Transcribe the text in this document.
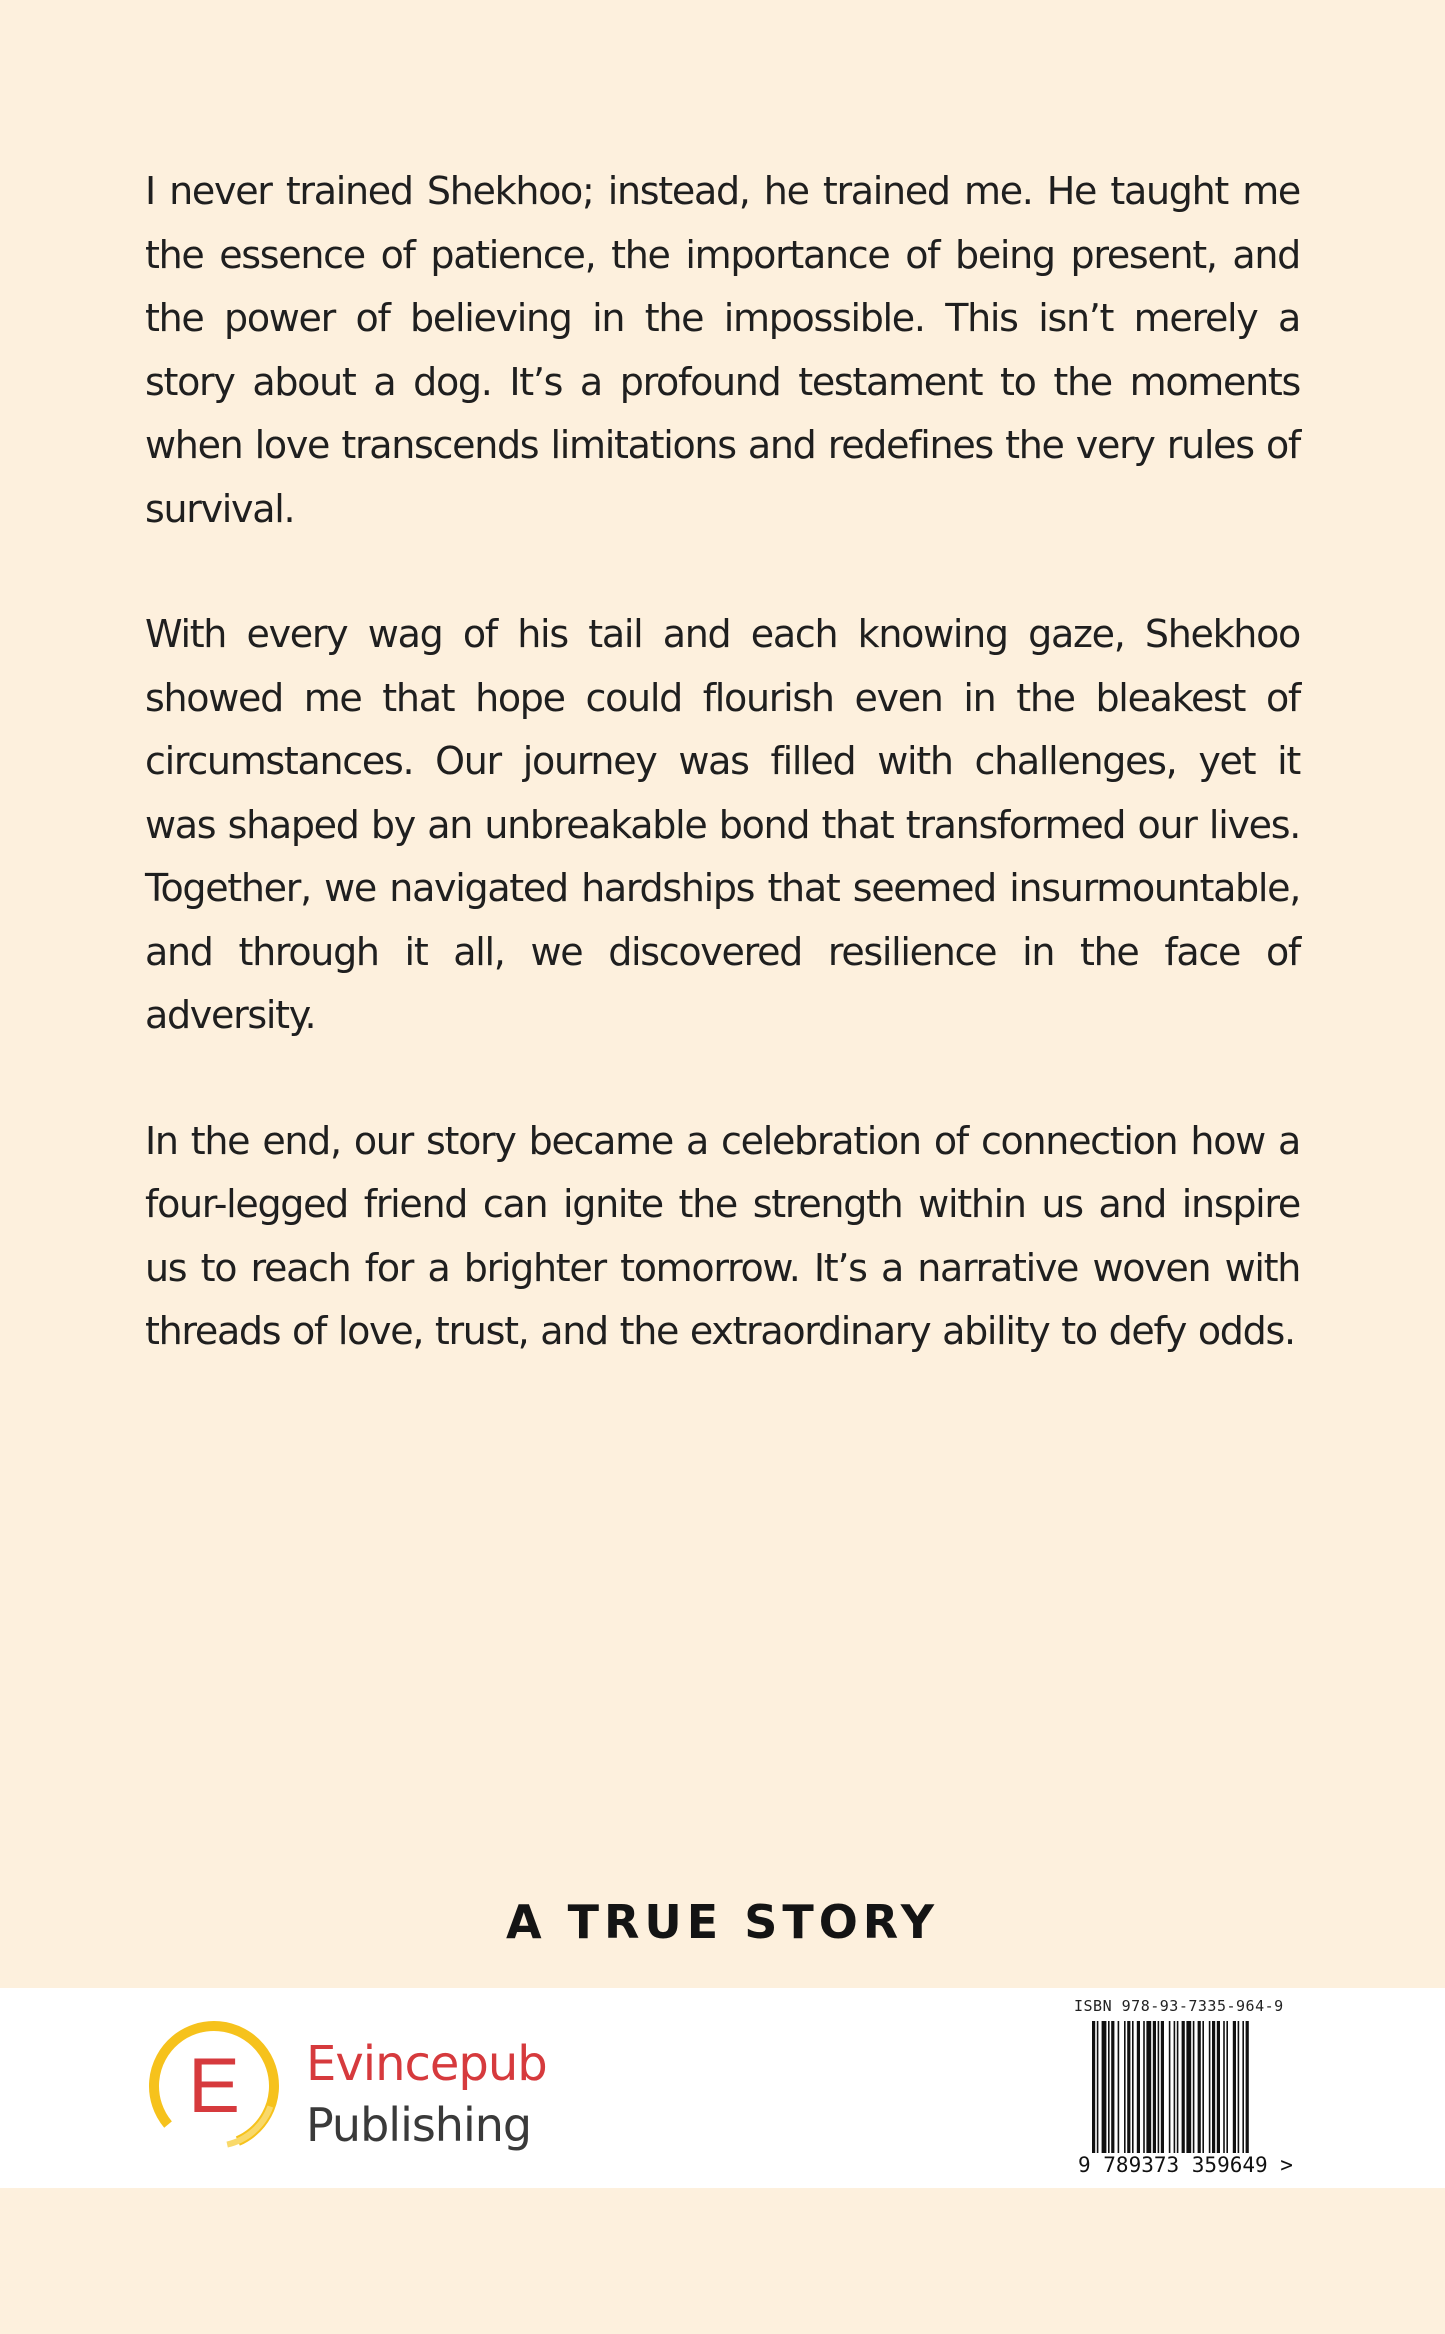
I never trained Shekhoo; instead, he trained me. He taught me the essence of patience, the importance of being present, and the power of believing in the impossible. This isn’t merely a story about a dog. It’s a profound testament to the moments when love transcends limitations and redefines the very rules of survival.

With every wag of his tail and each knowing gaze, Shekhoo showed me that hope could flourish even in the bleakest of circumstances. Our journey was filled with challenges, yet it was shaped by an unbreakable bond that transformed our lives. Together, we navigated hardships that seemed insurmountable, and through it all, we discovered resilience in the face of adversity.

In the end, our story became a celebration of connection how a four-legged friend can ignite the strength within us and inspire us to reach for a brighter tomorrow. It’s a narrative woven with threads of love, trust, and the extraordinary ability to defy odds.

A TRUE STORY
E Evincepub
Publishing
ISBN 978-93-7335-964-9
9 789373 359649 >
